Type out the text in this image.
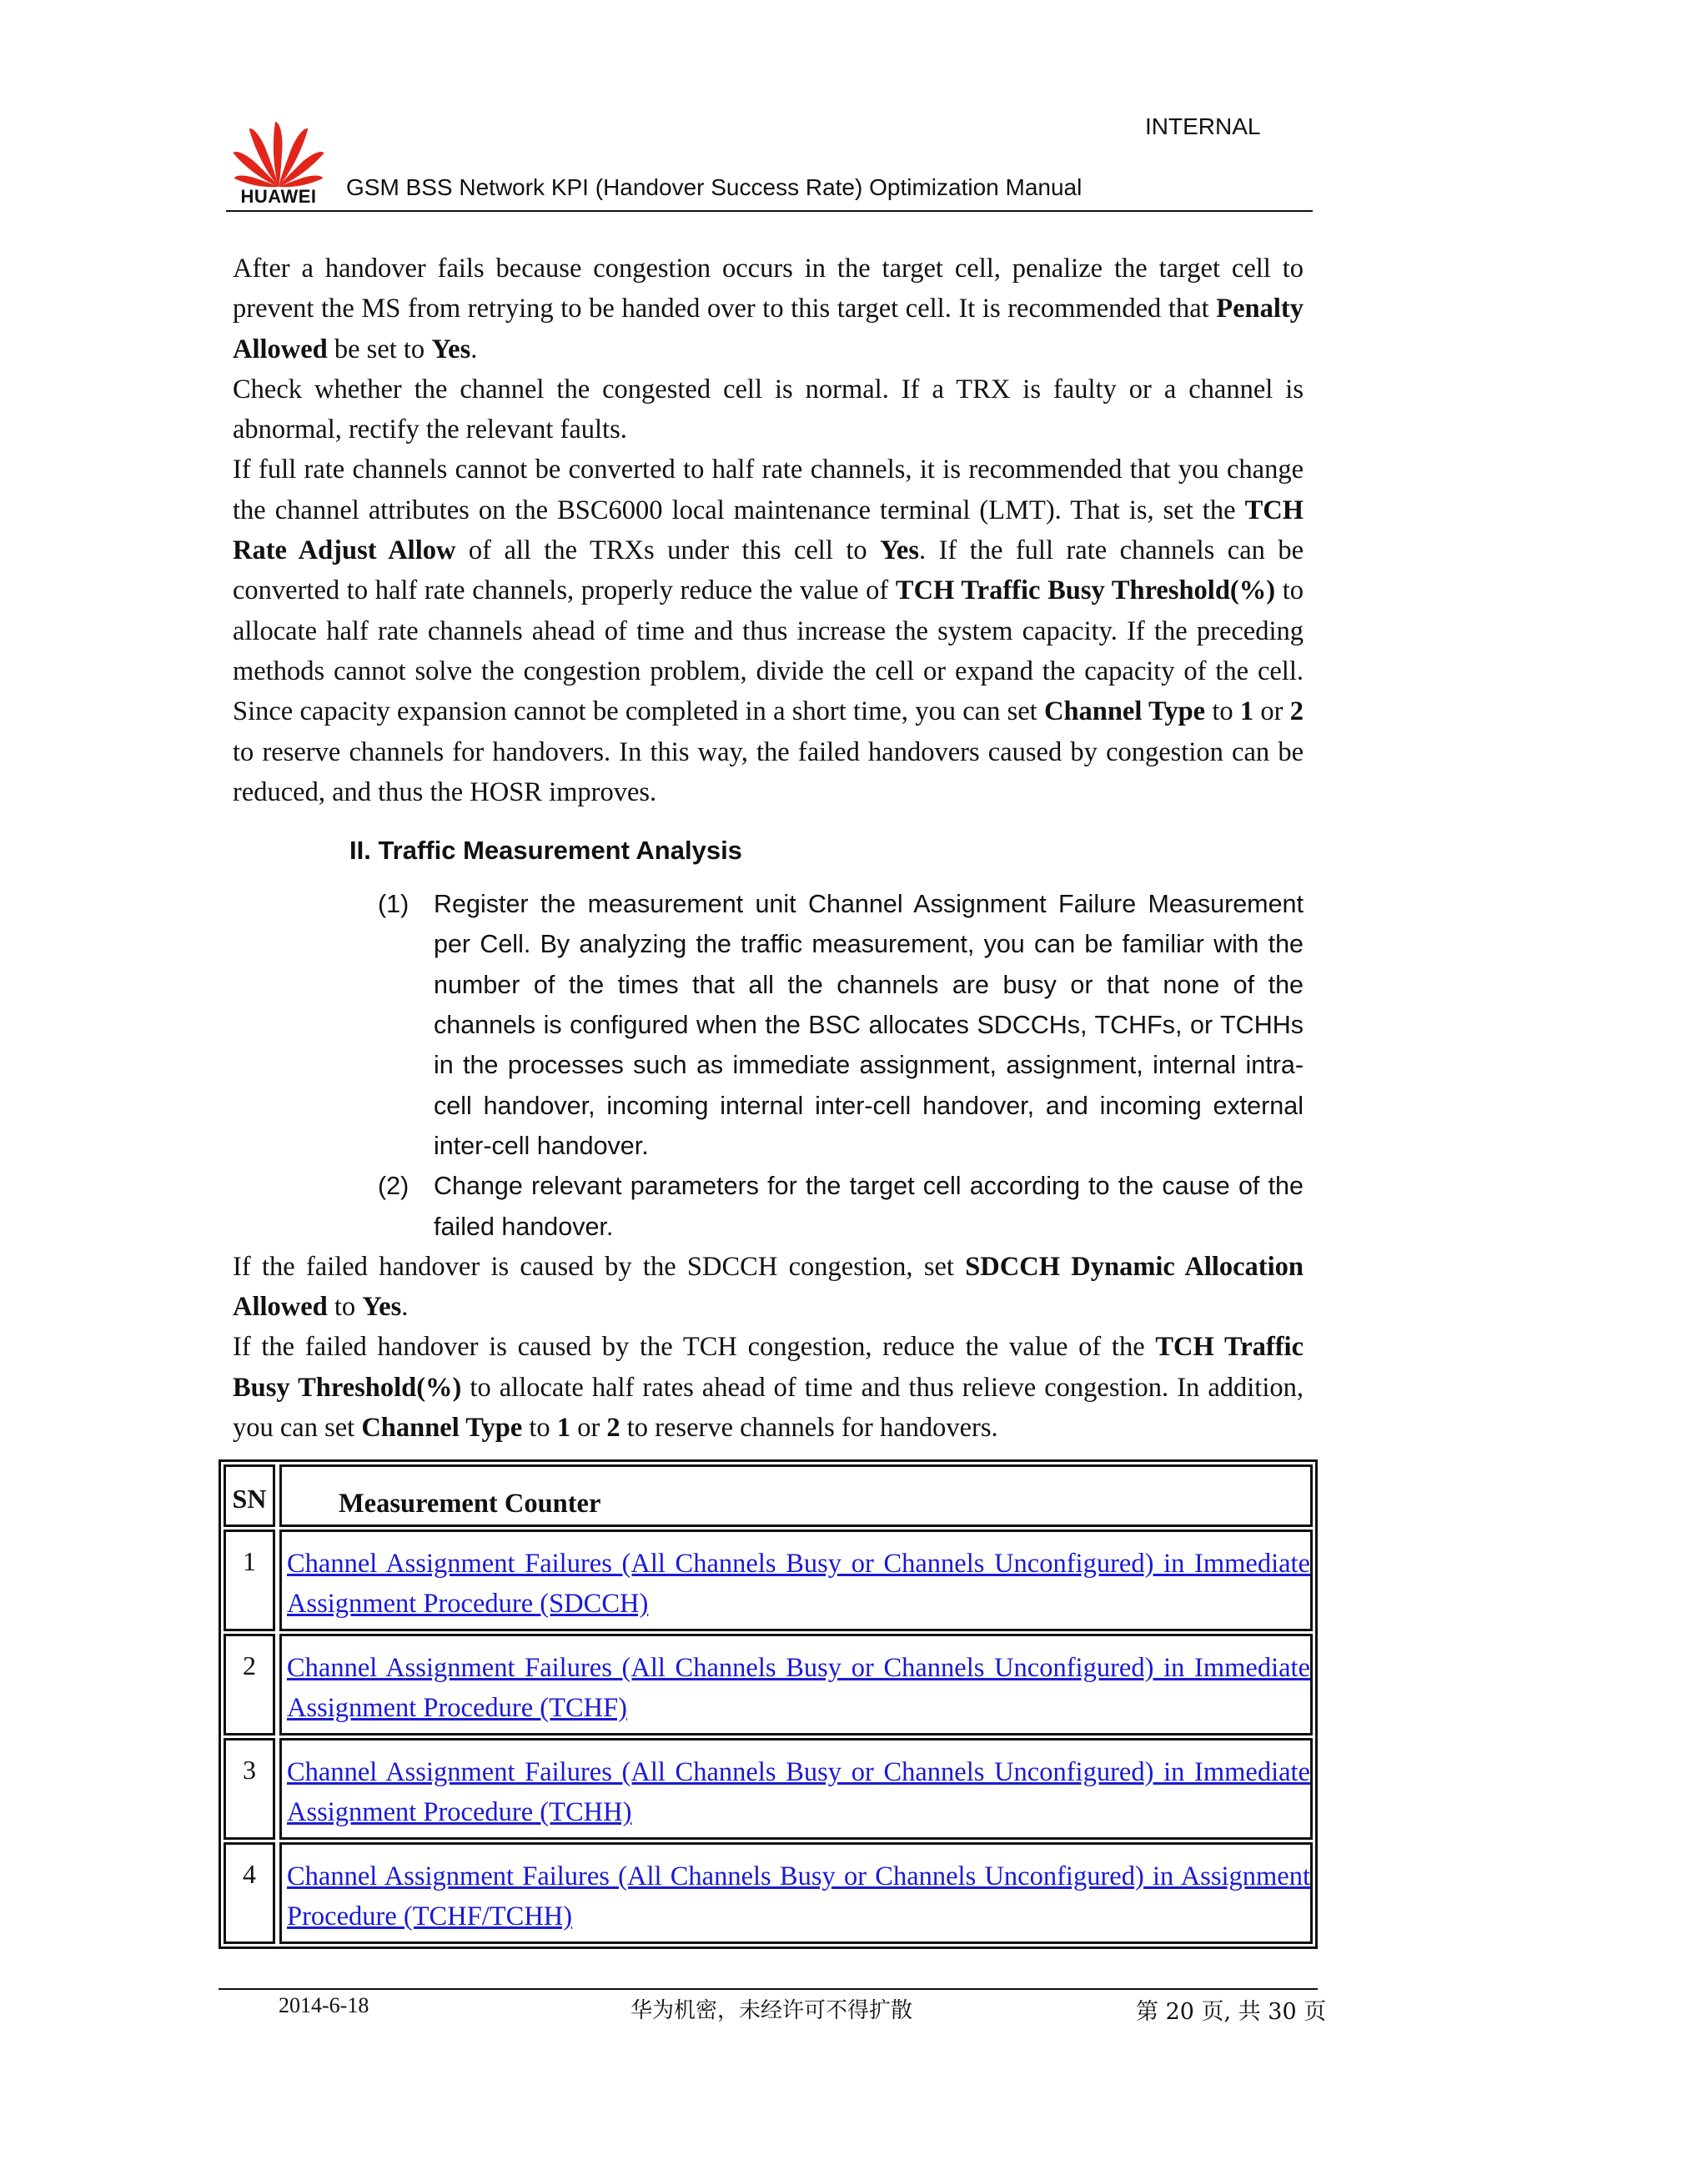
INTERNAL
HUAWEI	GSM BSS Network KPI (Handover Success Rate) Optimization Manual

After a handover fails because congestion occurs in the target cell, penalize the target cell to prevent the MS from retrying to be handed over to this target cell. It is recommended that Penalty Allowed be set to Yes.

Check whether the channel the congested cell is normal. If a TRX is faulty or a channel is abnormal, rectify the relevant faults.

If full rate channels cannot be converted to half rate channels, it is recommended that you change the channel attributes on the BSC6000 local maintenance terminal (LMT). That is, set the TCH Rate Adjust Allow of all the TRXs under this cell to Yes. If the full rate channels can be converted to half rate channels, properly reduce the value of TCH Traffic Busy Threshold(%) to allocate half rate channels ahead of time and thus increase the system capacity. If the preceding methods cannot solve the congestion problem, divide the cell or expand the capacity of the cell. Since capacity expansion cannot be completed in a short time, you can set Channel Type to 1 or 2 to reserve channels for handovers. In this way, the failed handovers caused by congestion can be reduced, and thus the HOSR improves.

II. Traffic Measurement Analysis
(1) Register the measurement unit Channel Assignment Failure Measurement per Cell. By analyzing the traffic measurement, you can be familiar with the number of the times that all the channels are busy or that none of the channels is configured when the BSC allocates SDCCHs, TCHFs, or TCHHs in the processes such as immediate assignment, assignment, internal intra-cell handover, incoming internal inter-cell handover, and incoming external inter-cell handover.
(2) Change relevant parameters for the target cell according to the cause of the failed handover.

If the failed handover is caused by the SDCCH congestion, set SDCCH Dynamic Allocation Allowed to Yes.

If the failed handover is caused by the TCH congestion, reduce the value of the TCH Traffic Busy Threshold(%) to allocate half rates ahead of time and thus relieve congestion. In addition, you can set Channel Type to 1 or 2 to reserve channels for handovers.

SN	Measurement Counter
1	Channel Assignment Failures (All Channels Busy or Channels Unconfigured) in Immediate Assignment Procedure (SDCCH)
2	Channel Assignment Failures (All Channels Busy or Channels Unconfigured) in Immediate Assignment Procedure (TCHF)
3	Channel Assignment Failures (All Channels Busy or Channels Unconfigured) in Immediate Assignment Procedure (TCHH)
4	Channel Assignment Failures (All Channels Busy or Channels Unconfigured) in Assignment Procedure (TCHF/TCHH)
2014-6-18	华为机密，未经许可不得扩散	第 20 页, 共 30 页
